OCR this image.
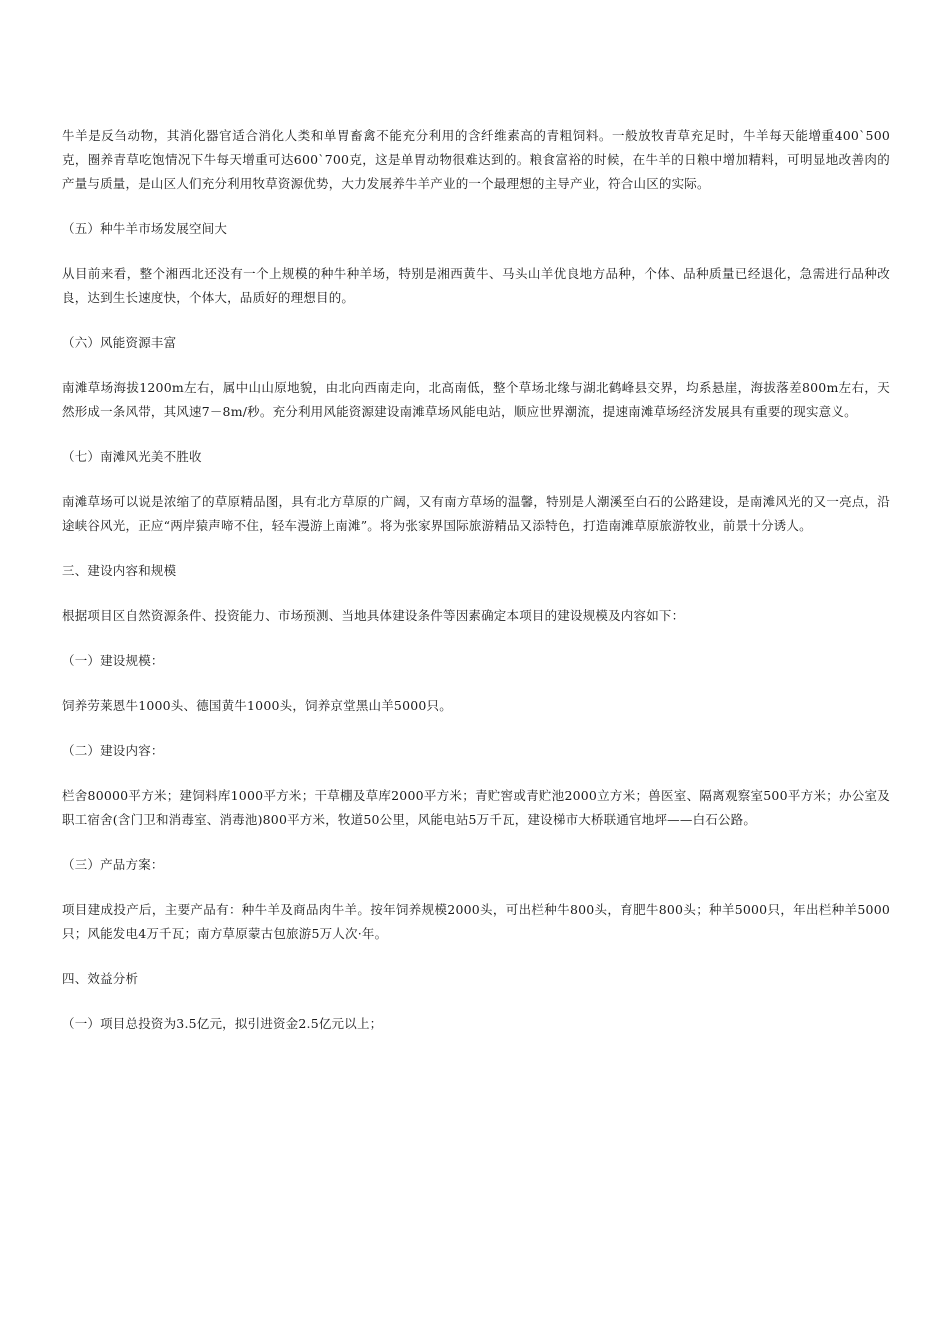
牛羊是反刍动物，其消化器官适合消化人类和单胃畜禽不能充分利用的含纤维素高的青粗饲料。一般放牧青草充足时，牛羊每天能增重400`500克，圈养青草吃饱情况下牛每天增重可达600`700克，这是单胃动物很难达到的。粮食富裕的时候，在牛羊的日粮中增加精料，可明显地改善肉的产量与质量，是山区人们充分利用牧草资源优势，大力发展养牛羊产业的一个最理想的主导产业，符合山区的实际。

（五）种牛羊市场发展空间大

从目前来看，整个湘西北还没有一个上规模的种牛种羊场，特别是湘西黄牛、马头山羊优良地方品种，个体、品种质量已经退化，急需进行品种改良，达到生长速度快，个体大，品质好的理想目的。

（六）风能资源丰富

南滩草场海拔1200m左右，属中山山原地貌，由北向西南走向，北高南低，整个草场北缘与湖北鹤峰县交界，均系悬崖，海拔落差800m左右，天然形成一条风带，其风速7－8m/秒。充分利用风能资源建设南滩草场风能电站，顺应世界潮流，提速南滩草场经济发展具有重要的现实意义。

（七）南滩风光美不胜收

南滩草场可以说是浓缩了的草原精品图，具有北方草原的广阔，又有南方草场的温馨，特别是人潮溪至白石的公路建设，是南滩风光的又一亮点，沿途峡谷风光，正应“两岸猿声啼不住，轻车漫游上南滩”。将为张家界国际旅游精品又添特色，打造南滩草原旅游牧业，前景十分诱人。

三、建设内容和规模

根据项目区自然资源条件、投资能力、市场预测、当地具体建设条件等因素确定本项目的建设规模及内容如下：

（一）建设规模：

饲养劳莱恩牛1000头、德国黄牛1000头，饲养京堂黑山羊5000只。

（二）建设内容：

栏舍80000平方米；建饲料库1000平方米；干草棚及草库2000平方米；青贮窖或青贮池2000立方米；兽医室、隔离观察室500平方米；办公室及职工宿舍(含门卫和消毒室、消毒池)800平方米，牧道50公里，风能电站5万千瓦，建设梯市大桥联通官地坪——白石公路。

（三）产品方案：

项目建成投产后，主要产品有：种牛羊及商品肉牛羊。按年饲养规模2000头，可出栏种牛800头，育肥牛800头；种羊5000只，年出栏种羊5000只；风能发电4万千瓦；南方草原蒙古包旅游5万人次·年。

四、效益分析

（一）项目总投资为3.5亿元，拟引进资金2.5亿元以上；
